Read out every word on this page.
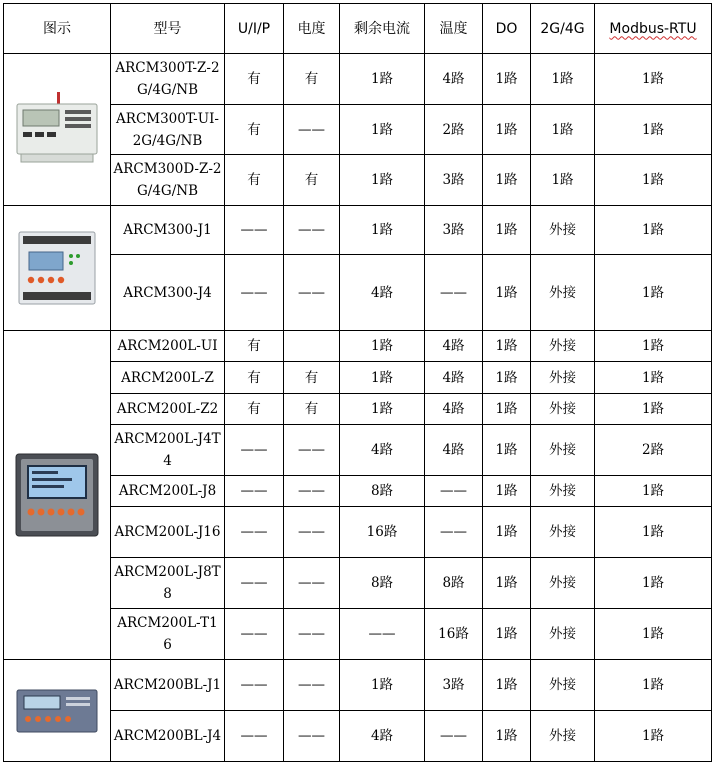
图示	型号	U/I/P	电度	剩余电流	温度	DO	2G/4G	Modbus-RTU

	ARCM300T-Z-2G/4G/NB	有	有	1路	4路	1路	1路	1路
	ARCM300T-UI-2G/4G/NB	有	——	1路	2路	1路	1路	1路
	ARCM300D-Z-2G/4G/NB	有	有	1路	3路	1路	1路	1路

	ARCM300-J1	——	——	1路	3路	1路	外接	1路
	ARCM300-J4	——	——	4路	——	1路	外接	1路

	ARCM200L-UI	有		1路	4路	1路	外接	1路
	ARCM200L-Z	有	有	1路	4路	1路	外接	1路
	ARCM200L-Z2	有	有	1路	4路	1路	外接	1路
	ARCM200L-J4T4	——	——	4路	4路	1路	外接	2路
	ARCM200L-J8	——	——	8路	——	1路	外接	1路
	ARCM200L-J16	——	——	16路	——	1路	外接	1路
	ARCM200L-J8T8	——	——	8路	8路	1路	外接	1路
	ARCM200L-T16	——	——	——	16路	1路	外接	1路

	ARCM200BL-J1	——	——	1路	3路	1路	外接	1路
	ARCM200BL-J4	——	——	4路	——	1路	外接	1路
